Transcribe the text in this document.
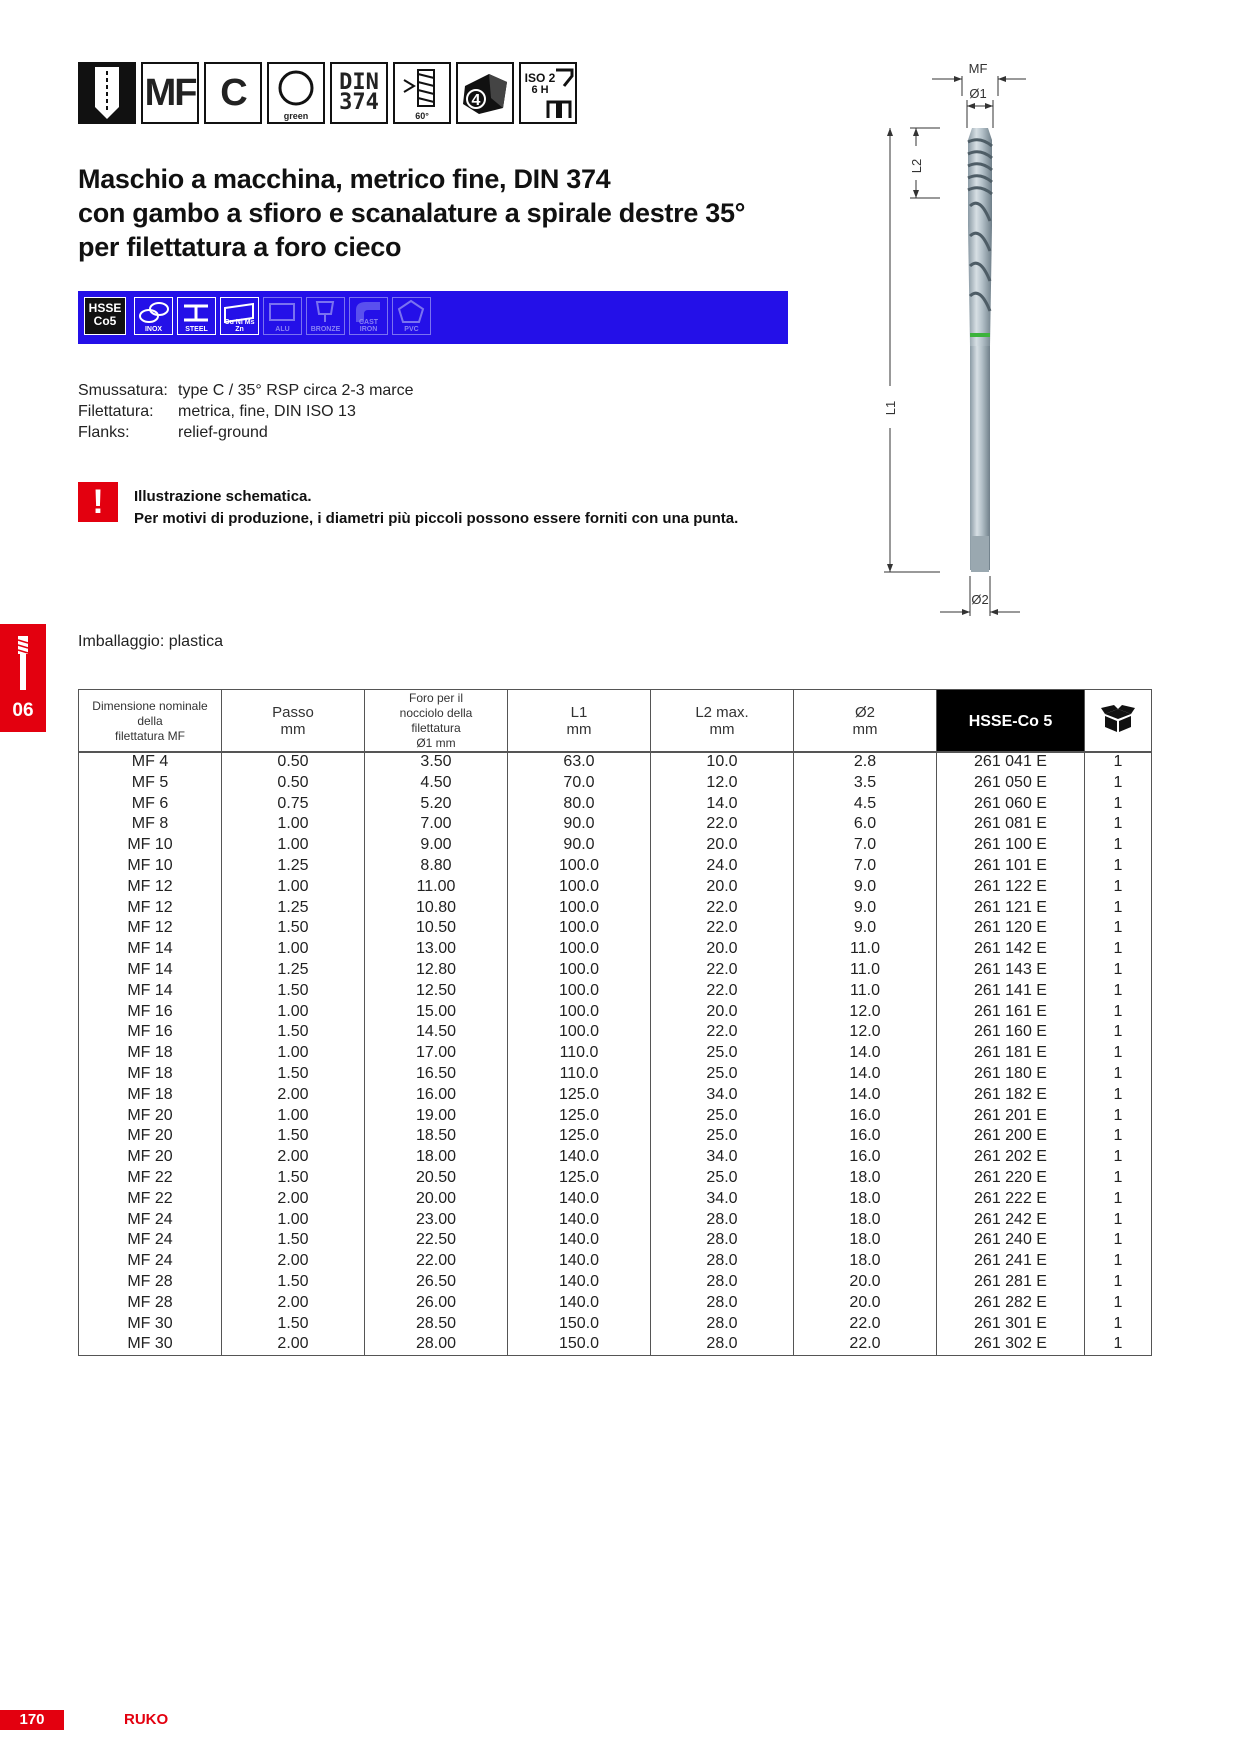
MF C
green
DIN
374
60°
4
ISO 2
6 H
Maschio a macchina, metrico fine, DIN 374
con gambo a sfioro e scanalature a spirale destre 35°
per filettatura a foro cieco
HSSE
Co5
INOX	STEEL
Cu Ni Ms Zn	ALU	BRONZE
CAST IRON	PVC
Smussatura: type C / 35° RSP circa 2-3 marce
Filettatura: metrica, fine, DIN ISO 13
Flanks:	relief-ground
!	Illustrazione schematica.
Per motivi di produzione, i diametri più piccoli possono essere forniti con una punta.
Imballaggio: plastica
06
MF
Ø1
L2
L1
Ø2
Dimensione nominale
della
filettatura MF

Passo
mm

Foro per il
nocciolo della
filettatura
Ø1 mm

L1
mm

L2 max.
mm

Ø2
mm	HSSE-Co 5	
MF 4	0.50	3.50	63.0	10.0	2.8	261 041 E	1
MF 5	0.50	4.50	70.0	12.0	3.5	261 050 E	1
MF 6	0.75	5.20	80.0	14.0	4.5	261 060 E	1
MF 8	1.00	7.00	90.0	22.0	6.0	261 081 E	1
MF 10	1.00	9.00	90.0	20.0	7.0	261 100 E	1
MF 10	1.25	8.80	100.0	24.0	7.0	261 101 E	1
MF 12	1.00	11.00	100.0	20.0	9.0	261 122 E	1
MF 12	1.25	10.80	100.0	22.0	9.0	261 121 E	1
MF 12	1.50	10.50	100.0	22.0	9.0	261 120 E	1
MF 14	1.00	13.00	100.0	20.0	11.0	261 142 E	1
MF 14	1.25	12.80	100.0	22.0	11.0	261 143 E	1
MF 14	1.50	12.50	100.0	22.0	11.0	261 141 E	1
MF 16	1.00	15.00	100.0	20.0	12.0	261 161 E	1
MF 16	1.50	14.50	100.0	22.0	12.0	261 160 E	1
MF 18	1.00	17.00	110.0	25.0	14.0	261 181 E	1
MF 18	1.50	16.50	110.0	25.0	14.0	261 180 E	1
MF 18	2.00	16.00	125.0	34.0	14.0	261 182 E	1
MF 20	1.00	19.00	125.0	25.0	16.0	261 201 E	1
MF 20	1.50	18.50	125.0	25.0	16.0	261 200 E	1
MF 20	2.00	18.00	140.0	34.0	16.0	261 202 E	1
MF 22	1.50	20.50	125.0	25.0	18.0	261 220 E	1
MF 22	2.00	20.00	140.0	34.0	18.0	261 222 E	1
MF 24	1.00	23.00	140.0	28.0	18.0	261 242 E	1
MF 24	1.50	22.50	140.0	28.0	18.0	261 240 E	1
MF 24	2.00	22.00	140.0	28.0	18.0	261 241 E	1
MF 28	1.50	26.50	140.0	28.0	20.0	261 281 E	1
MF 28	2.00	26.00	140.0	28.0	20.0	261 282 E	1
MF 30	1.50	28.50	150.0	28.0	22.0	261 301 E	1
MF 30	2.00	28.00	150.0	28.0	22.0	261 302 E	1
170	RUKO
